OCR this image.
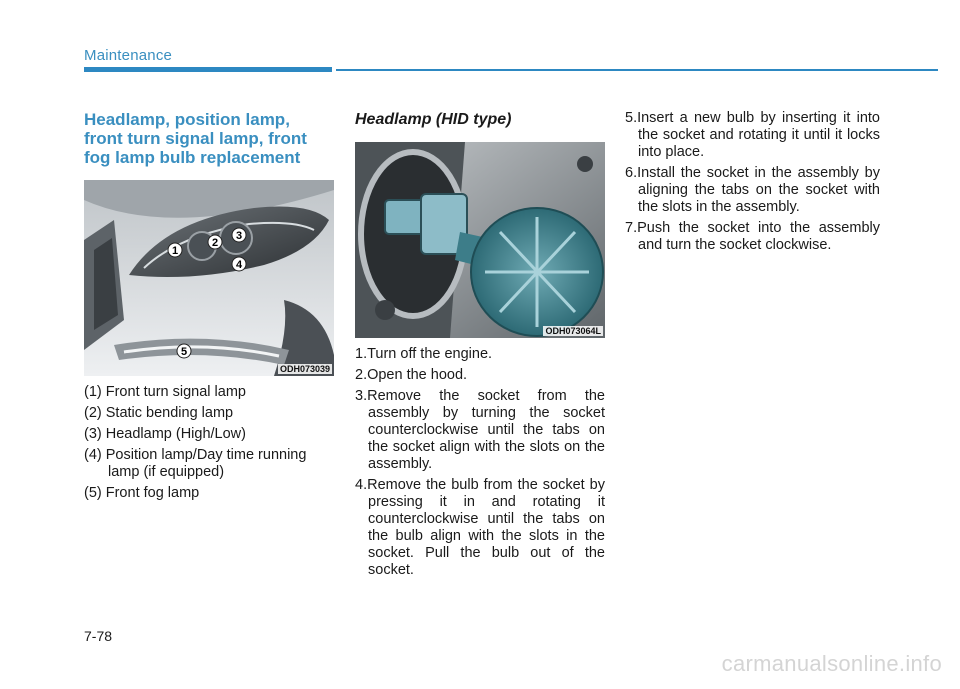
Maintenance
Headlamp, position lamp,
front turn signal lamp, front
fog lamp bulb replacement
1
2
3
4
5
ODH073039
(1) Front turn signal lamp
(2) Static bending lamp
(3) Headlamp (High/Low)
(4) Position lamp/Day time running lamp (if equipped)
(5) Front fog lamp
Headlamp (HID type)
ODH073064L
1.Turn off the engine.
2.Open the hood.
3.Remove the socket from the assembly by turning the socket counterclockwise until the tabs on the socket align with the slots on the assembly.
4.Remove the bulb from the socket by pressing it in and rotating it counterclockwise until the tabs on the bulb align with the slots in the socket. Pull the bulb out of the socket.
5.Insert a new bulb by inserting it into the socket and rotating it until it locks into place.
6.Install the socket in the assembly by aligning the tabs on the socket with the slots in the assembly.
7.Push the socket into the assembly and turn the socket clockwise.
7-78
carmanualsonline.info
